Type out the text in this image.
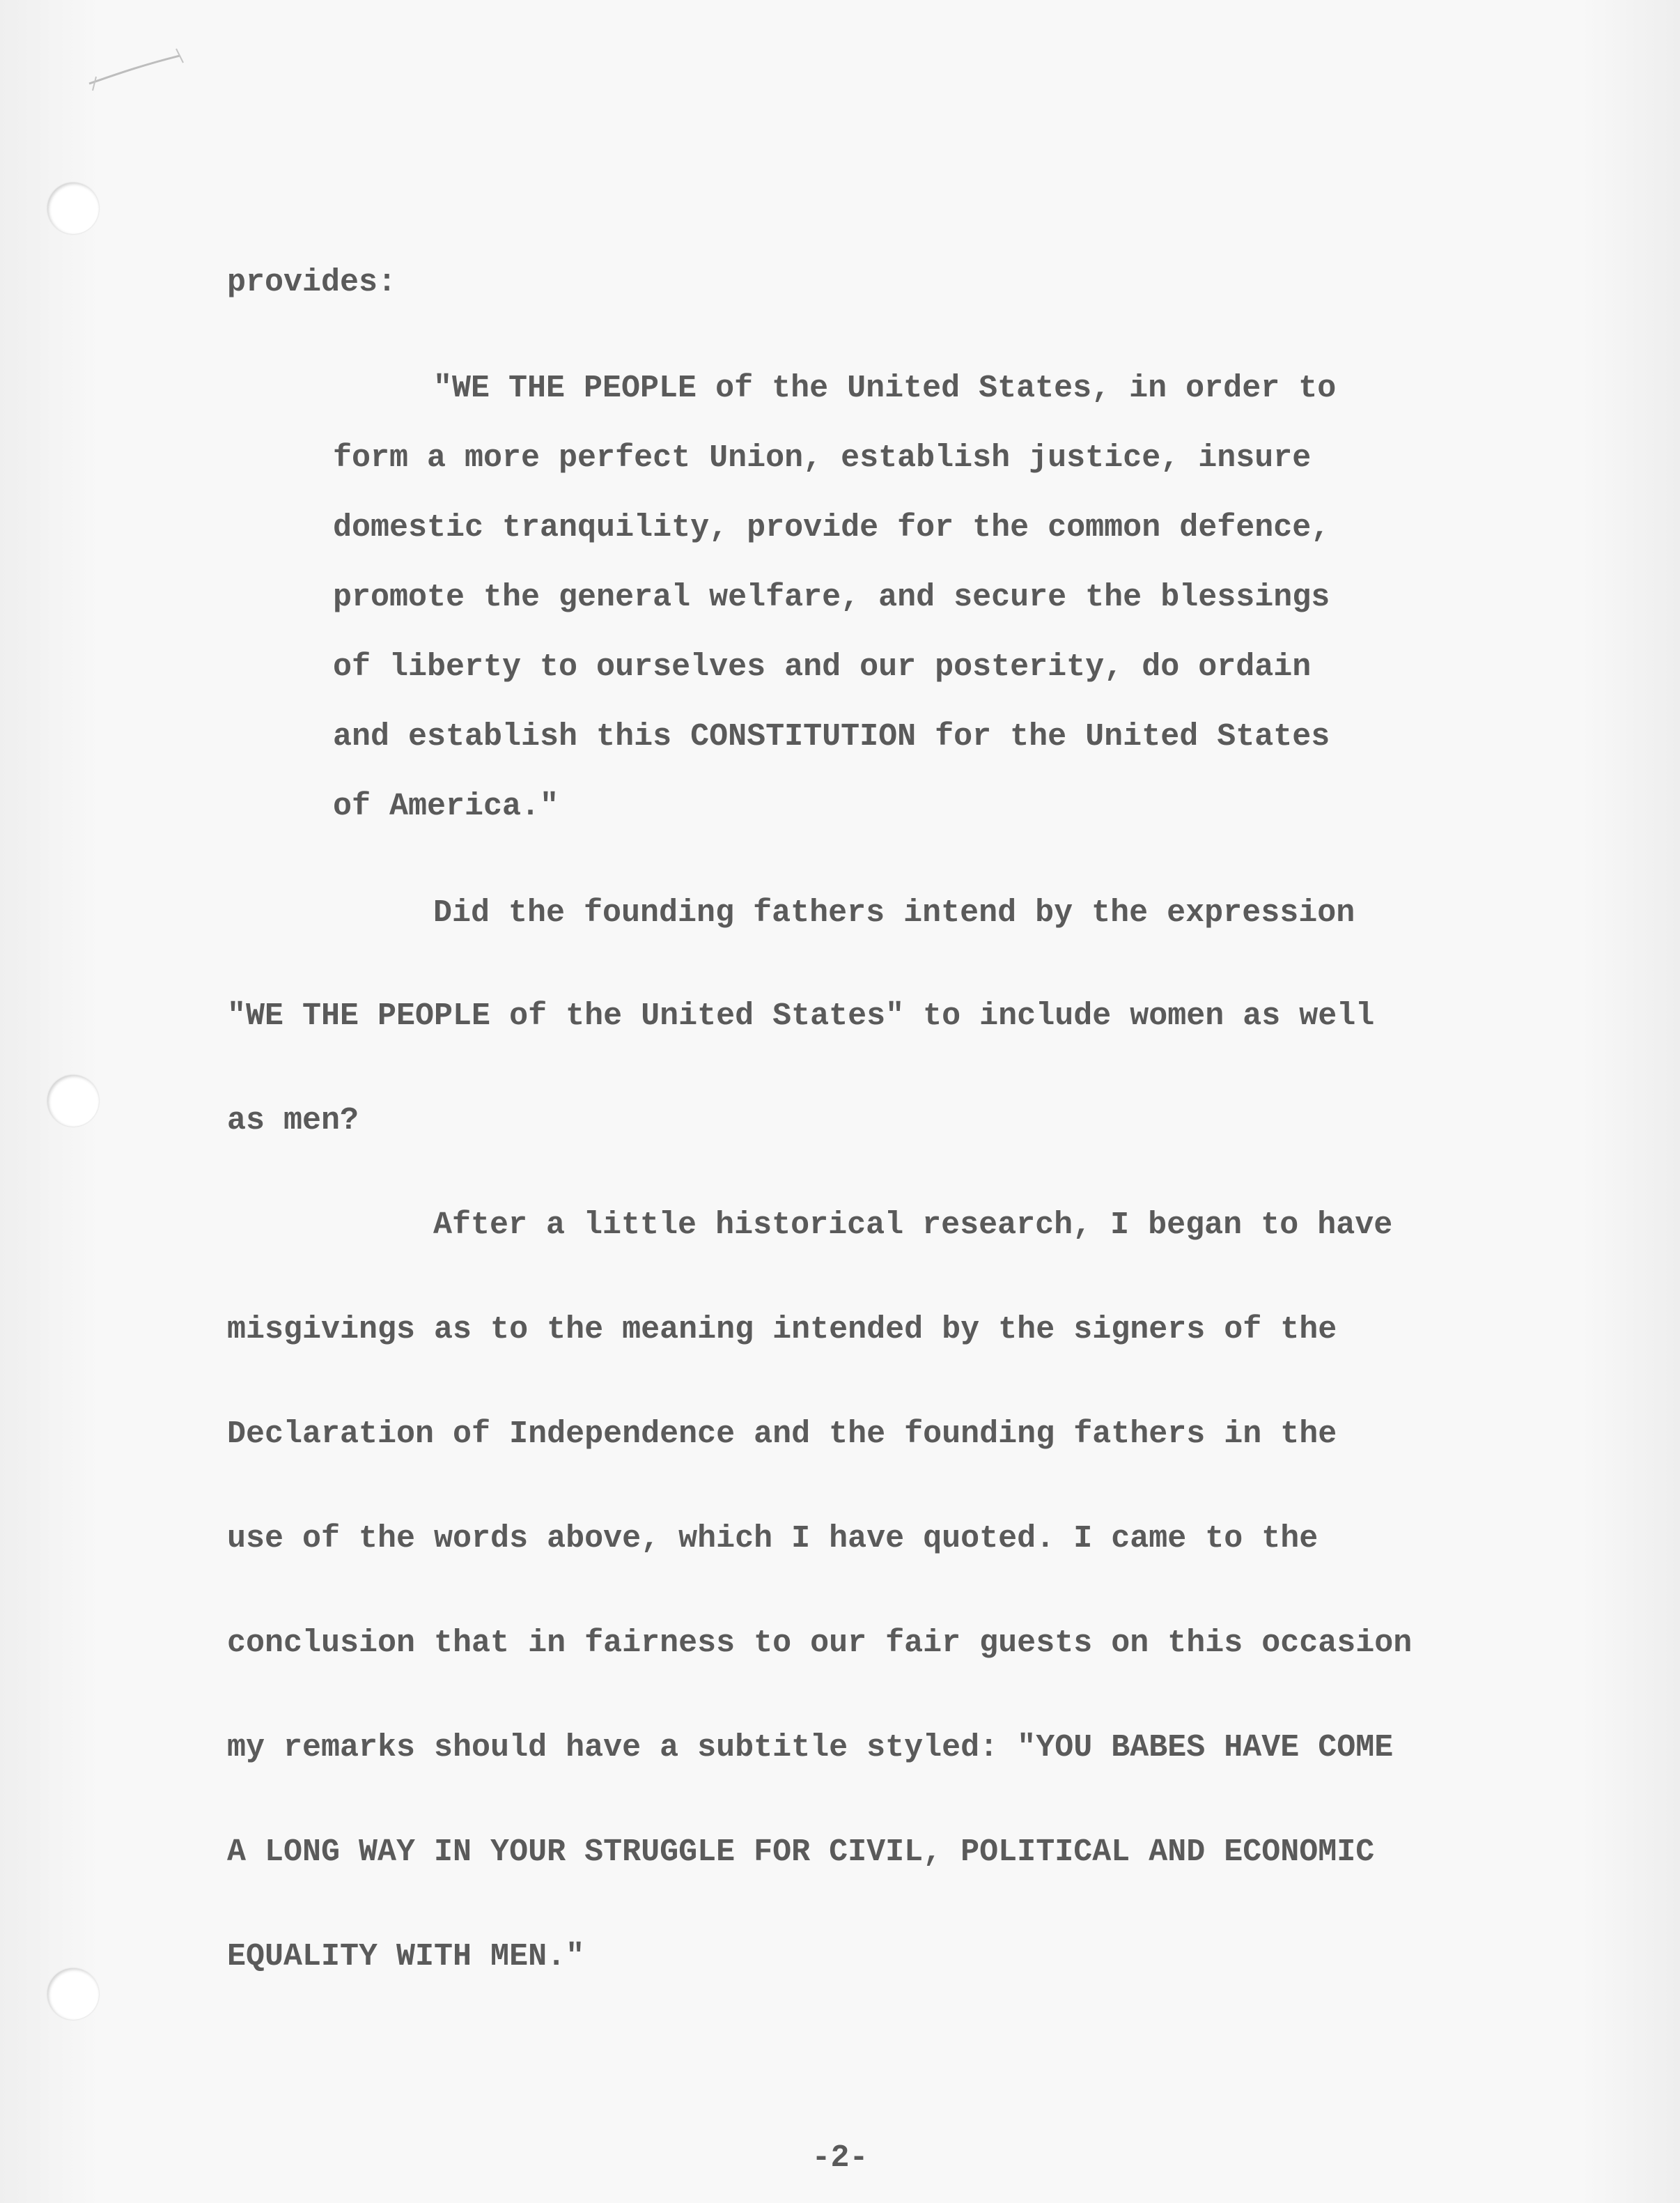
provides:

"WE THE PEOPLE of the United States, in order to

form a more perfect Union, establish justice, insure

domestic tranquility, provide for the common defence,

promote the general welfare, and secure the blessings

of liberty to ourselves and our posterity, do ordain

and establish this CONSTITUTION for the United States

of America."

Did the founding fathers intend by the expression

"WE THE PEOPLE of the United States" to include women as well

as men?

After a little historical research, I began to have

misgivings as to the meaning intended by the signers of the

Declaration of Independence and the founding fathers in the

use of the words above, which I have quoted. I came to the

conclusion that in fairness to our fair guests on this occasion

my remarks should have a subtitle styled: "YOU BABES HAVE COME

A LONG WAY IN YOUR STRUGGLE FOR CIVIL, POLITICAL AND ECONOMIC

EQUALITY WITH MEN."

-2-
